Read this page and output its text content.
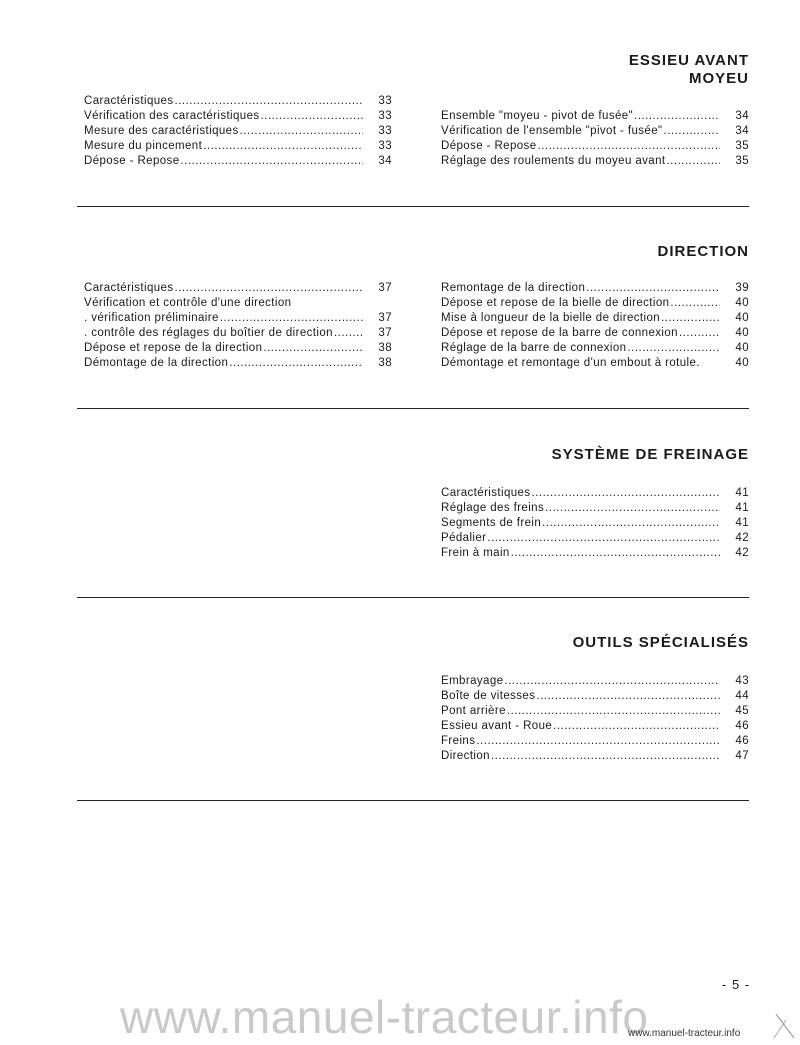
ESSIEU AVANT
MOYEU
Caractéristiques .....	33
Vérification des caractéristiques .....	33
Mesure des caractéristiques .....	33
Mesure du pincement .....	33
Dépose - Repose .....	34
Ensemble "moyeu - pivot de fusée" .....	34
Vérification de l'ensemble "pivot - fusée" .....	34
Dépose - Repose .....	35
Réglage des roulements du moyeu avant .....	35
DIRECTION
Caractéristiques .....	37
Vérification et contrôle d'une direction
. vérification préliminaire .....	37
. contrôle des réglages du boîtier de direction .....	37
Dépose et repose de la direction .....	38
Démontage de la direction .....	38
Remontage de la direction .....	39
Dépose et repose de la bielle de direction .....	40
Mise à longueur de la bielle de direction .....	40
Dépose et repose de la barre de connexion .....	40
Réglage de la barre de connexion .....	40
Démontage et remontage d'un embout à rotule.	40
SYSTÈME DE FREINAGE
Caractéristiques .....	41
Réglage des freins .....	41
Segments de frein .....	41
Pédalier .....	42
Frein à main .....	42
OUTILS SPÉCIALISÉS
Embrayage .....	43
Boîte de vitesses .....	44
Pont arrière .....	45
Essieu avant - Roue .....	46
Freins .....	46
Direction .....	47
- 5 -
www.manuel-tracteur.info
www.manuel-tracteur.info
